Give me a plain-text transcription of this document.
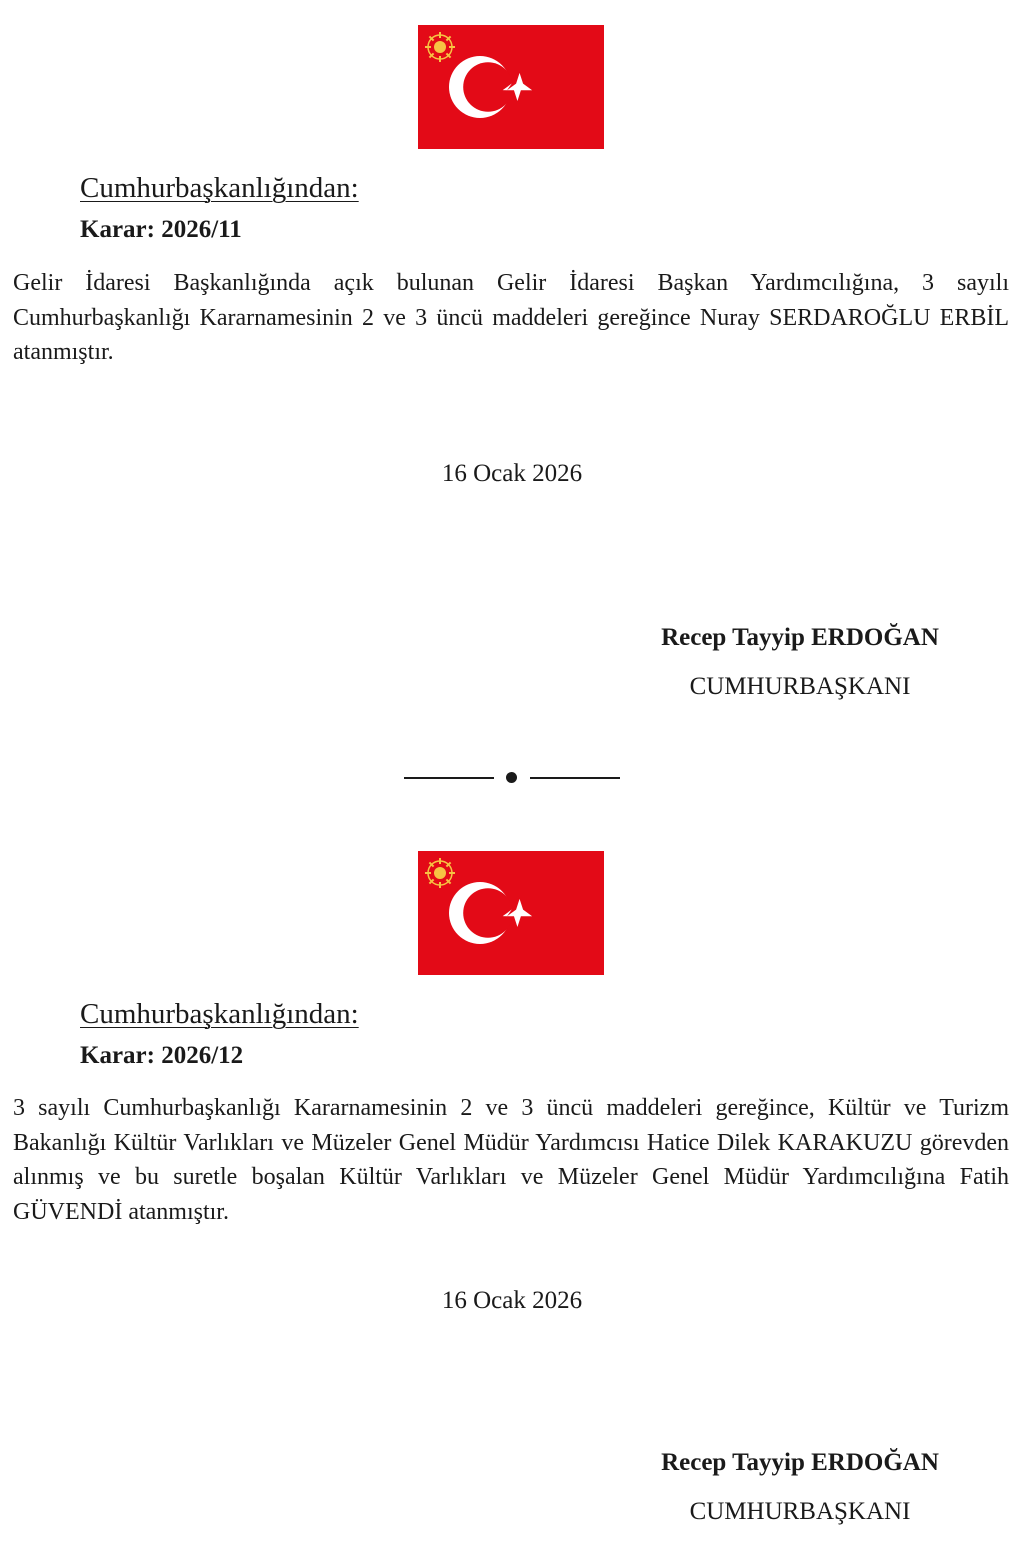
Cumhurbaşkanlığından:
Karar: 2026/11

Gelir İdaresi Başkanlığında açık bulunan Gelir İdaresi Başkan Yardımcılığına, 3 sayılı Cumhurbaşkanlığı Kararnamesinin 2 ve 3 üncü maddeleri gereğince Nuray SERDAROĞLU ERBİL atanmıştır.

16 Ocak 2026
Recep Tayyip ERDOĞAN
CUMHURBAŞKANI
Cumhurbaşkanlığından:
Karar: 2026/12

3 sayılı Cumhurbaşkanlığı Kararnamesinin 2 ve 3 üncü maddeleri gereğince, Kültür ve Turizm Bakanlığı Kültür Varlıkları ve Müzeler Genel Müdür Yardımcısı Hatice Dilek KARAKUZU görevden alınmış ve bu suretle boşalan Kültür Varlıkları ve Müzeler Genel Müdür Yardımcılığına Fatih GÜVENDİ atanmıştır.

16 Ocak 2026
Recep Tayyip ERDOĞAN
CUMHURBAŞKANI
